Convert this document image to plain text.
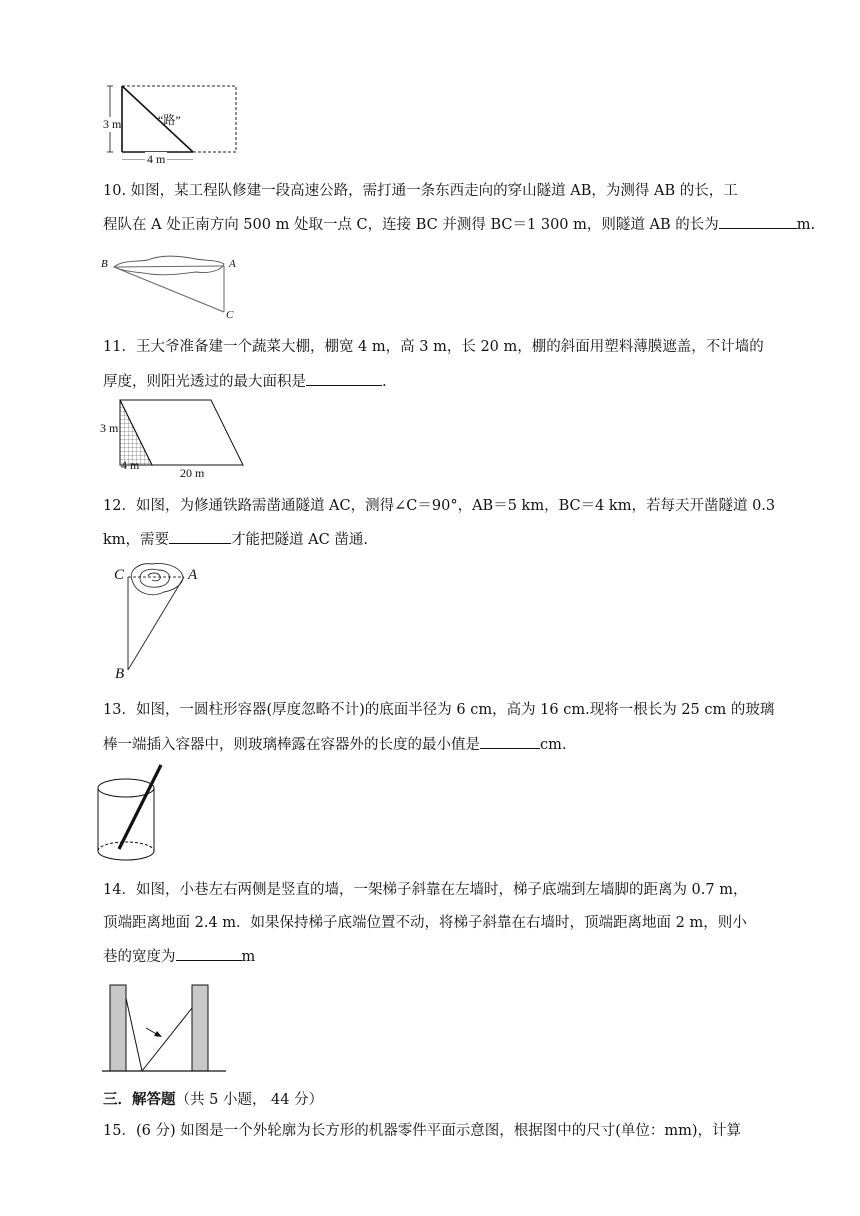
3 m
4 m
“路”
10. 如图，某工程队修建一段高速公路，需打通一条东西走向的穿山隧道 AB，为测得 AB 的长，工
程队在 A 处正南方向 500 m 处取一点 C，连接 BC 并测得 BC＝1 300 m，则隧道 AB 的长为	m.
B	A
C
11．王大爷准备建一个蔬菜大棚，棚宽 4 m，高 3 m，长 20 m，棚的斜面用塑料薄膜遮盖，不计墙的
厚度，则阳光透过的最大面积是	.
3 m
4 m
20 m
12．如图，为修通铁路需凿通隧道 AC，测得∠C＝90°，AB＝5 km，BC＝4 km，若每天开凿隧道 0.3
km，需要	才能把隧道 AC 凿通.
C	A
B
13．如图，一圆柱形容器(厚度忽略不计)的底面半径为 6 cm，高为 16 cm.现将一根长为 25 cm 的玻璃
棒一端插入容器中，则玻璃棒露在容器外的长度的最小值是	cm.
14．如图，小巷左右两侧是竖直的墙，一架梯子斜靠在左墙时，梯子底端到左墙脚的距离为 0.7 m，
顶端距离地面 2.4 m．如果保持梯子底端位置不动，将梯子斜靠在右墙时，顶端距离地面 2 m，则小
巷的宽度为	m
三．解答题（共 5 小题， 44 分）
15．(6 分) 如图是一个外轮廓为长方形的机器零件平面示意图，根据图中的尺寸(单位：mm)，计算
